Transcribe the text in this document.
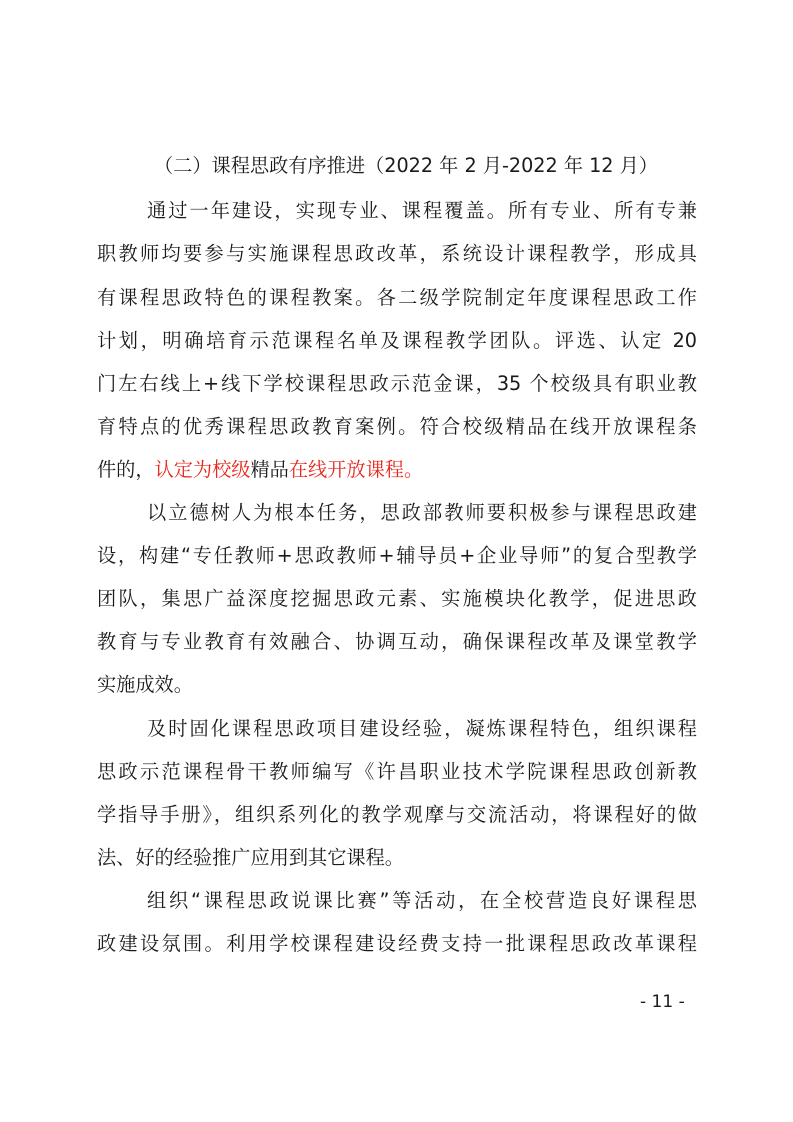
（二）课程思政有序推进（2022 年 2 月-2022 年 12 月）
通过一年建设，实现专业、课程覆盖。所有专业、所有专兼
职教师均要参与实施课程思政改革，系统设计课程教学，形成具
有课程思政特色的课程教案。各二级学院制定年度课程思政工作
计划，明确培育示范课程名单及课程教学团队。评选、认定 20
门左右线上+线下学校课程思政示范金课，35 个校级具有职业教
育特点的优秀课程思政教育案例。符合校级精品在线开放课程条
件的，认定为校级精品在线开放课程。
以立德树人为根本任务，思政部教师要积极参与课程思政建
设，构建“专任教师+思政教师+辅导员+企业导师”的复合型教学
团队，集思广益深度挖掘思政元素、实施模块化教学，促进思政
教育与专业教育有效融合、协调互动，确保课程改革及课堂教学
实施成效。
及时固化课程思政项目建设经验，凝炼课程特色，组织课程
思政示范课程骨干教师编写《许昌职业技术学院课程思政创新教
学指导手册》，组织系列化的教学观摩与交流活动，将课程好的做
法、好的经验推广应用到其它课程。
组织“课程思政说课比赛”等活动，在全校营造良好课程思
政建设氛围。利用学校课程建设经费支持一批课程思政改革课程
- 11 -
